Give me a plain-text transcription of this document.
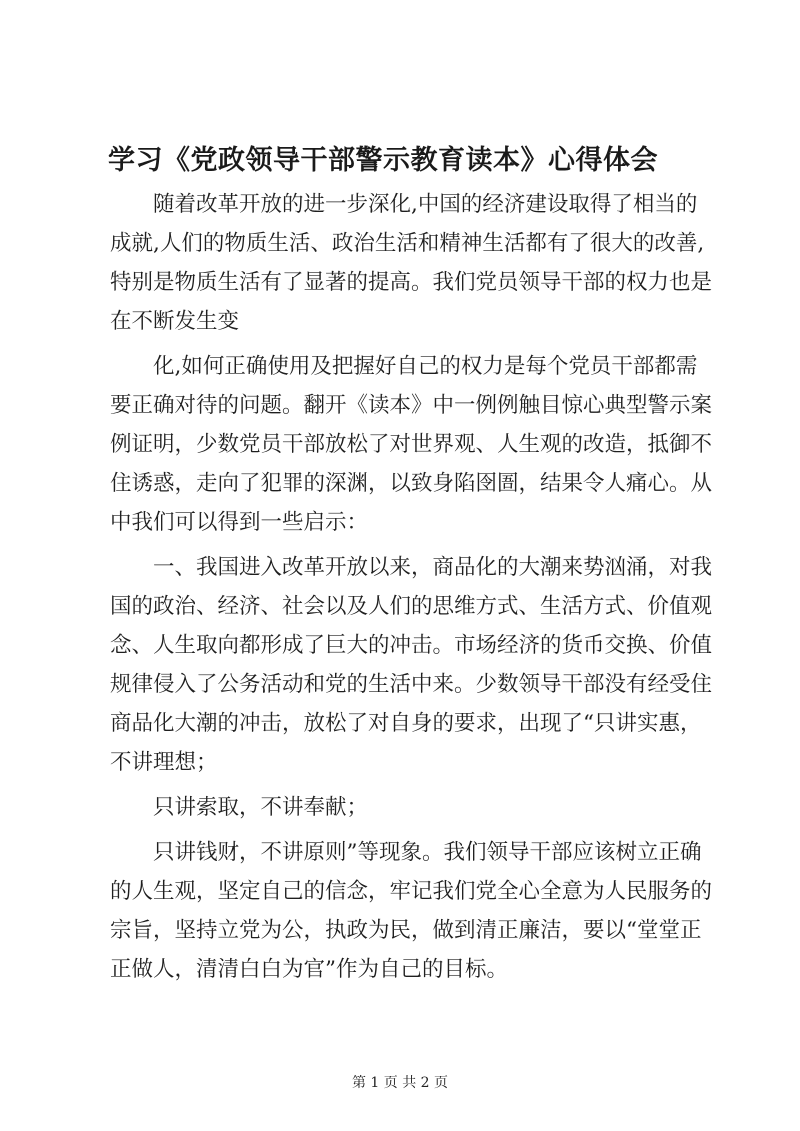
学习《党政领导干部警示教育读本》心得体会
随着改革开放的进一步深化,中国的经济建设取得了相当的
成就,人们的物质生活、政治生活和精神生活都有了很大的改善,
特别是物质生活有了显著的提高。我们党员领导干部的权力也是
在不断发生变
化,如何正确使用及把握好自己的权力是每个党员干部都需
要正确对待的问题。翻开《读本》中一例例触目惊心典型警示案
例证明，少数党员干部放松了对世界观、人生观的改造，抵御不
住诱惑，走向了犯罪的深渊，以致身陷囹圄，结果令人痛心。从
中我们可以得到一些启示：
一、我国进入改革开放以来，商品化的大潮来势汹涌，对我
国的政治、经济、社会以及人们的思维方式、生活方式、价值观
念、人生取向都形成了巨大的冲击。市场经济的货币交换、价值
规律侵入了公务活动和党的生活中来。少数领导干部没有经受住
商品化大潮的冲击，放松了对自身的要求，出现了“只讲实惠，
不讲理想；
只讲索取，不讲奉献；
只讲钱财，不讲原则”等现象。我们领导干部应该树立正确
的人生观，坚定自己的信念，牢记我们党全心全意为人民服务的
宗旨，坚持立党为公，执政为民，做到清正廉洁，要以“堂堂正
正做人，清清白白为官”作为自己的目标。
第 1 页 共 2 页
